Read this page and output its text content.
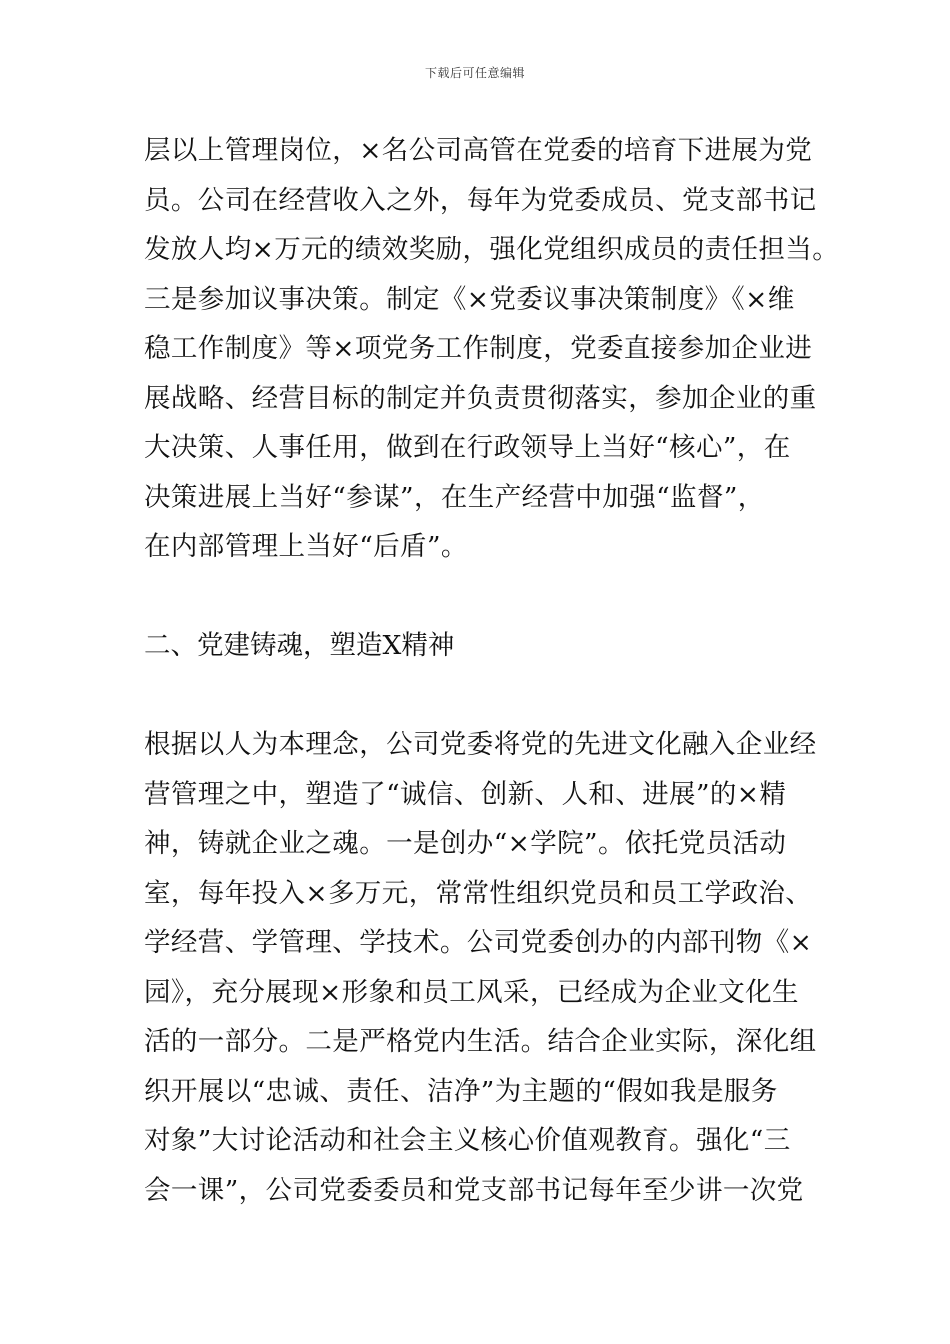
下载后可任意编辑
层以上管理岗位，×名公司高管在党委的培育下进展为党
员。公司在经营收入之外，每年为党委成员、党支部书记
发放人均×万元的绩效奖励，强化党组织成员的责任担当。
三是参加议事决策。制定《×党委议事决策制度》《×维
稳工作制度》等×项党务工作制度，党委直接参加企业进
展战略、经营目标的制定并负责贯彻落实，参加企业的重
大决策、人事任用，做到在行政领导上当好“核心”，在
决策进展上当好“参谋”，在生产经营中加强“监督”，
在内部管理上当好“后盾”。
二、党建铸魂，塑造X精神
根据以人为本理念，公司党委将党的先进文化融入企业经
营管理之中，塑造了“诚信、创新、人和、进展”的×精
神，铸就企业之魂。一是创办“×学院”。依托党员活动
室，每年投入×多万元，常常性组织党员和员工学政治、
学经营、学管理、学技术。公司党委创办的内部刊物《×
园》，充分展现×形象和员工风采，已经成为企业文化生
活的一部分。二是严格党内生活。结合企业实际，深化组
织开展以“忠诚、责任、洁净”为主题的“假如我是服务
对象”大讨论活动和社会主义核心价值观教育。强化“三
会一课”，公司党委委员和党支部书记每年至少讲一次党
